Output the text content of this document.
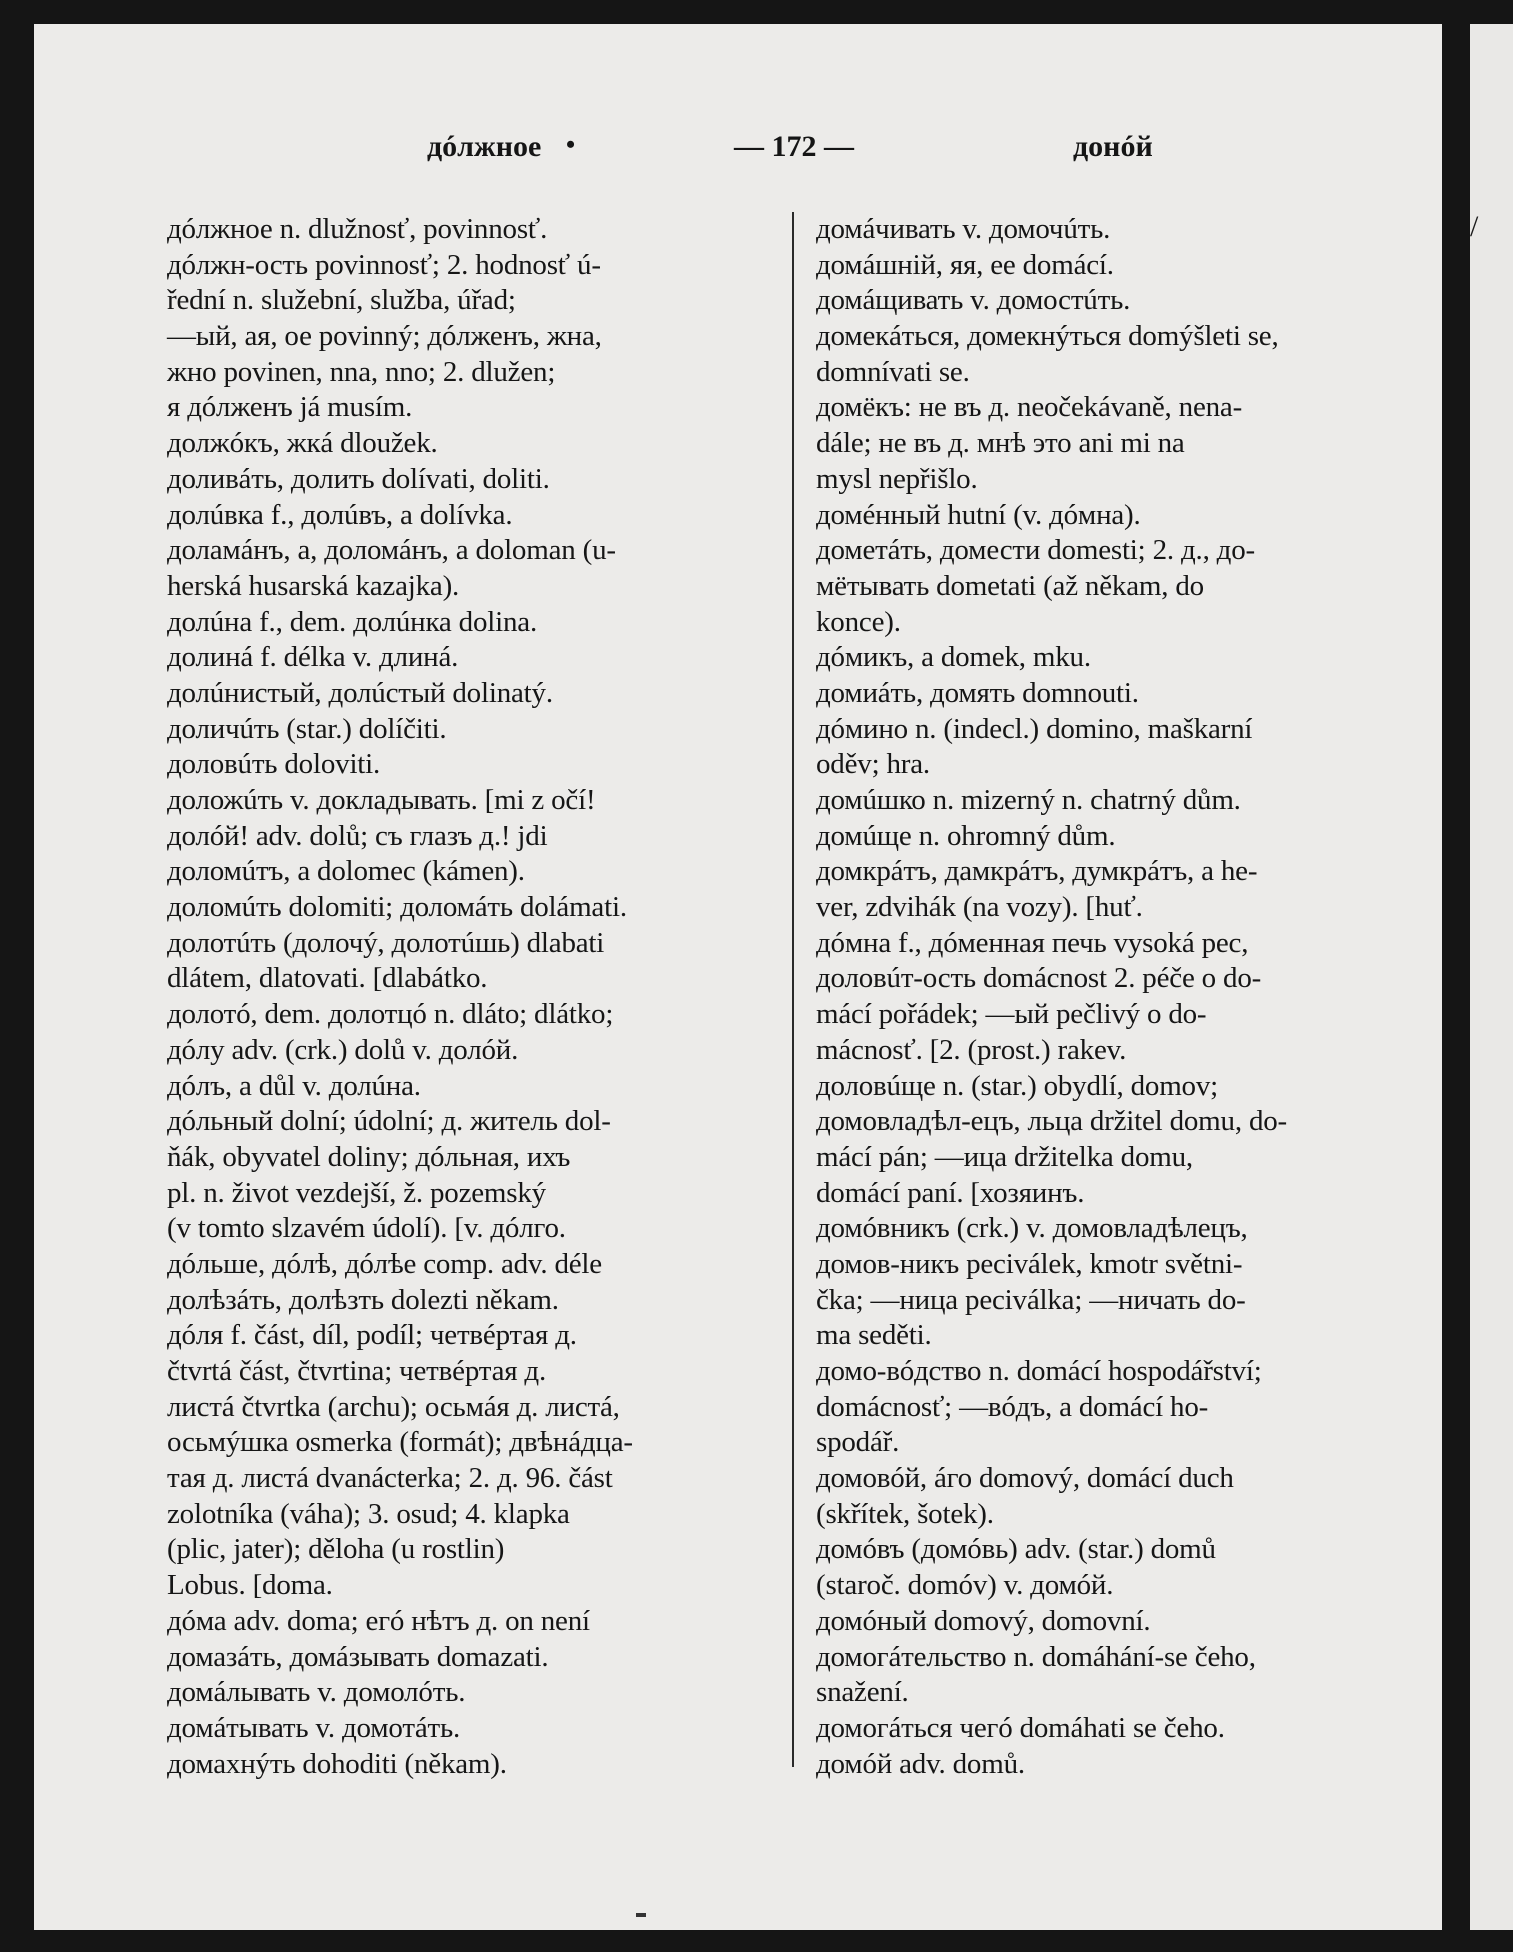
/
дóлжное •	— 172 —	донóй
дóлжное n. dlužnosť, povinnosť.
дóлжн-ость povinnosť; 2. hodnosť ú-
řední n. služební, služba, úřad;
—ый, ая, ое povinný; дóлженъ, жна,
жно povinen, nna, nno; 2. dlužen;
я дóлженъ já musím.
должóкъ, жкá dloužek.
доливáть, долить dolívati, doliti.
долúвка f., долúвъ, a dolívka.
доламáнъ, а, доломáнъ, a doloman (u-
herská husarská kazajka).
долúна f., dem. долúнка dolina.
долинá f. délka v. длинá.
долúнистый, долúстый dolinatý.
доличúть (star.) dolíčiti.
доловúть doloviti.
доложúть v. докладывать. [mi z očí!
долóй! adv. dolů; съ глазъ д.! jdi
доломúтъ, a dolomec (kámen).
доломúть dolomiti; доломáть dolámati.
долотúть (долочý, долотúшь) dlabati
dlátem, dlatovati. [dlabátko.
долотó, dem. долотцó n. dláto; dlátko;
дóлу adv. (crk.) dolů v. долóй.
дóлъ, a důl v. долúна.
дóльный dolní; údolní; д. житель dol-
ňák, obyvatel doliny; дóльная, ихъ
pl. n. život vezdejší, ž. pozemský
(v tomto slzavém údolí). [v. дóлго.
дóльше, дóлѣ, дóлѣе comp. adv. déle
долѣзáть, долѣзть dolezti někam.
дóля f. část, díl, podíl; четвéртая д.
čtvrtá část, čtvrtina; четвéртая д.
листá čtvrtka (archu); осьмáя д. листá,
осьмýшка osmerka (formát); двѣнáдца-
тая д. листá dvanácterka; 2. д. 96. část
zolotníka (váha); 3. osud; 4. klapka
(plic, jater); děloha (u rostlin)
Lobus. [doma.
дóма adv. doma; егó нѣтъ д. on není
домазáть, домáзывать domazati.
домáлывать v. домолóть.
домáтывать v. домотáть.
домахнýть dohoditi (někam).
домáчивать v. домочúть.
домáшній, яя, ее domácí.
домáщивать v. домостúть.
домекáться, домекнýться domýšleti se,
domnívati se.
домёкъ: не въ д. neočekávaně, nena-
dále; не въ д. мнѣ это ani mi na
mysl nepřišlo.
домéнный hutní (v. дóмна).
дометáть, домести domesti; 2. д., до-
мётывать dometati (až někam, do
konce).
дóмикъ, a domek, mku.
домиáть, домять domnouti.
дóмино n. (indecl.) domino, maškarní
oděv; hra.
домúшко n. mizerný n. chatrný dům.
домúще n. ohromný dům.
домкрáтъ, дамкрáтъ, думкрáтъ, a he-
ver, zdvihák (na vozy). [huť.
дóмна f., дóменная печь vysoká pec,
доловúт-ость domácnost 2. péče o do-
mácí pořádek; —ый pečlivý o do-
mácnosť. [2. (prost.) rakev.
доловúще n. (star.) obydlí, domov;
домовладѣл-ецъ, льца držitel domu, do-
mácí pán; —ица držitelka domu,
domácí paní. [хозяинъ.
домóвникъ (crk.) v. домовладѣлецъ,
домов-никъ peciválek, kmotr světni-
čka; —ница peciválka; —ничать do-
ma seděti.
домо-вóдство n. domácí hospodářství;
domácnosť; —вóдъ, a domácí ho-
spodář.
домовóй, áго domový, domácí duch
(skřítek, šotek).
домóвъ (домóвь) adv. (star.) domů
(staroč. domóv) v. домóй.
домóный domový, domovní.
домогáтельство n. domáhání-se čeho,
snažení.
домогáться чегó domáhati se čeho.
домóй adv. domů.
